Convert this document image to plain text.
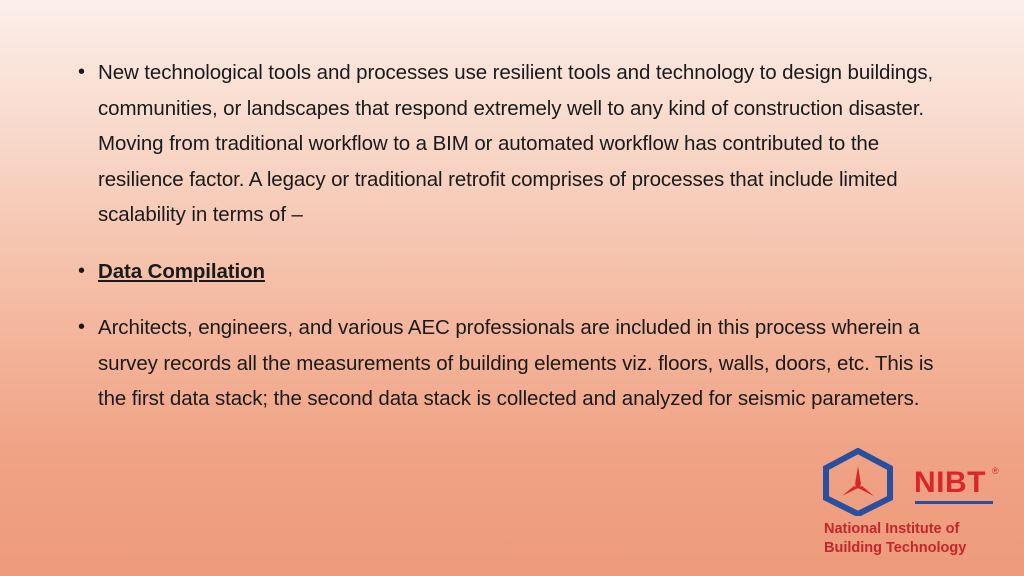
• New technological tools and processes use resilient tools and technology to design buildings, communities, or landscapes that respond extremely well to any kind of construction disaster. Moving from traditional workflow to a BIM or automated workflow has contributed to the resilience factor. A legacy or traditional retrofit comprises of processes that include limited scalability in terms of –
• Data Compilation
• Architects, engineers, and various AEC professionals are included in this process wherein a survey records all the measurements of building elements viz. floors, walls, doors, etc. This is the first data stack; the second data stack is collected and analyzed for seismic parameters.
NIBT ®
National Institute of
Building Technology
